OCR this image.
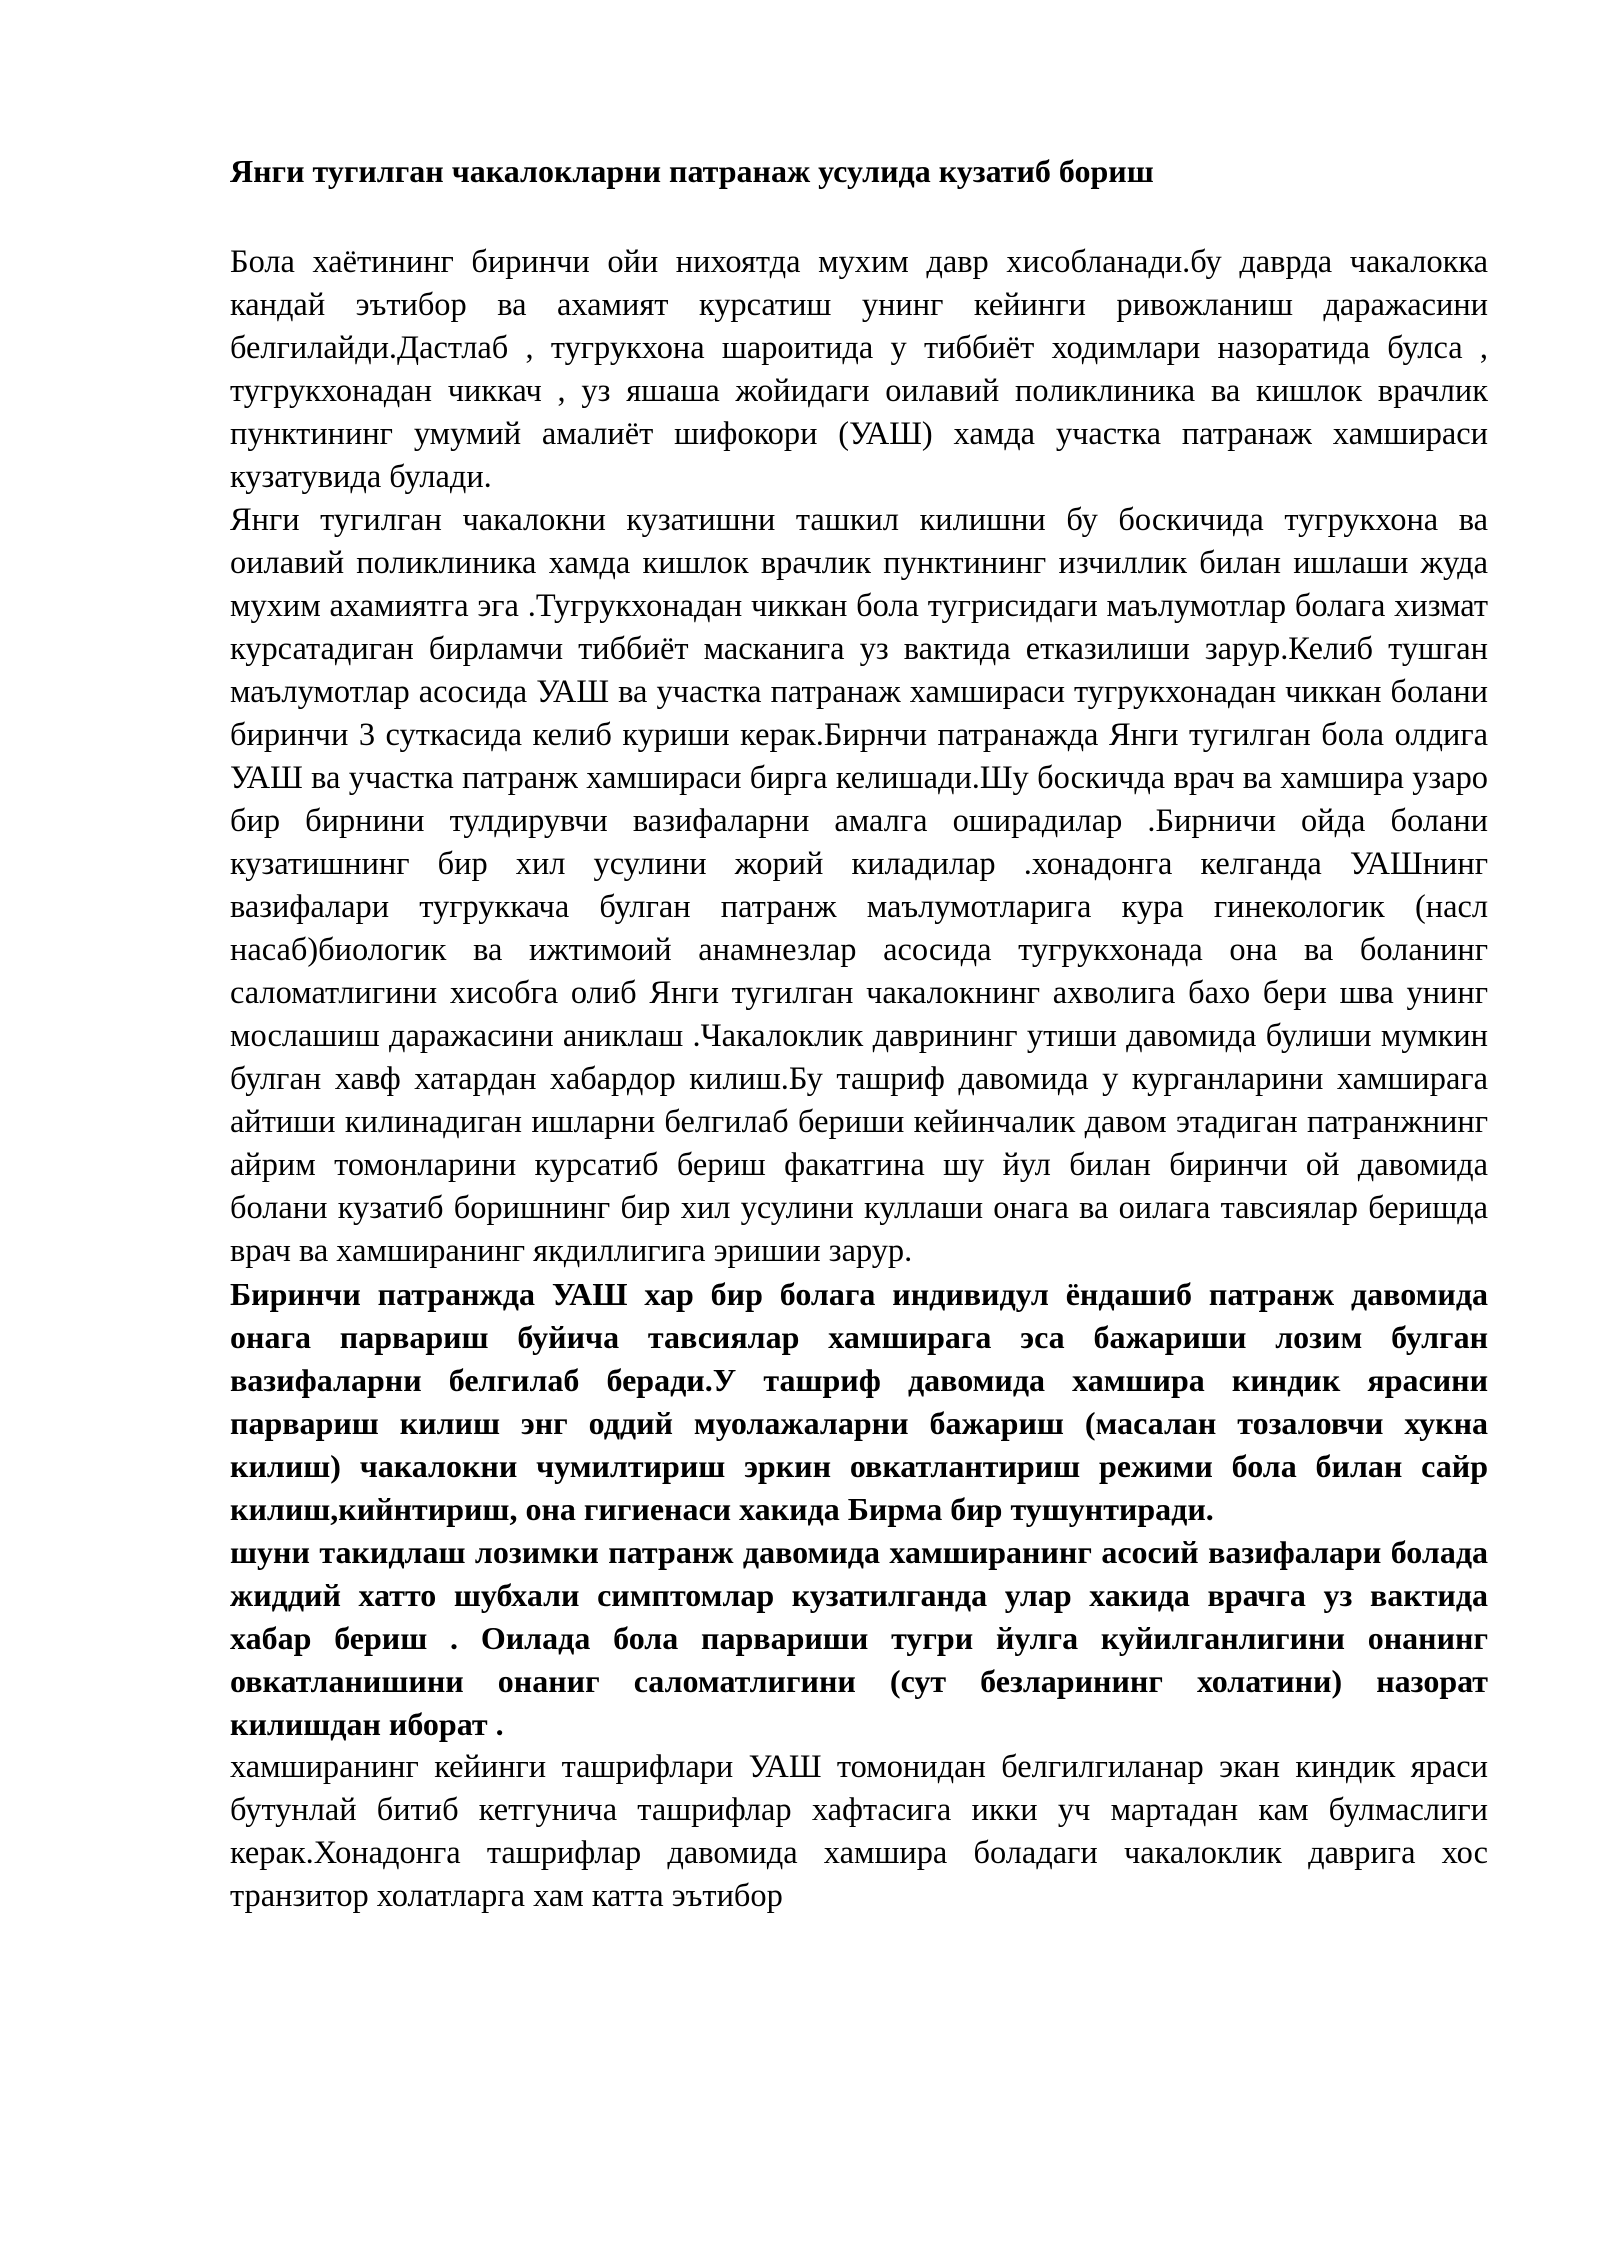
Янги тугилган чакалокларни патранаж усулида кузатиб бориш

Бола хаётининг биринчи ойи нихоятда мухим давр хисобланади.бу даврда чакалокка кандай эътибор ва ахамият курсатиш унинг кейинги ривожланиш даражасини белгилайди.Дастлаб , тугрукхона шароитида у тиббиёт ходимлари назоратида булса , тугрукхонадан чиккач , уз яшаша жойидаги оилавий поликлиника ва кишлок врачлик пунктининг умумий амалиёт шифокори (УАШ) хамда участка патранаж хамшираси кузатувида булади.

Янги тугилган чакалокни кузатишни ташкил килишни бу боскичида тугрукхона ва оилавий поликлиника хамда кишлок врачлик пунктининг изчиллик билан ишлаши жуда мухим ахамиятга эга .Тугрукхонадан чиккан бола тугрисидаги маълумотлар болага хизмат курсатадиган бирламчи тиббиёт масканига уз вактида етказилиши зарур.Келиб тушган маълумотлар асосида УАШ ва участка патранаж хамшираси тугрукхонадан чиккан болани биринчи 3 суткасида келиб куриши керак.Бирнчи патранажда Янги тугилган бола олдига УАШ ва участка патранж хамшираси бирга келишади.Шу боскичда врач ва хамшира узаро бир бирнини тулдирувчи вазифаларни амалга оширадилар .Бирничи ойда болани кузатишнинг бир хил усулини жорий киладилар .хонадонга келганда УАШнинг вазифалари тугруккача булган патранж маълумотларига кура гинекологик (насл насаб)биологик ва ижтимоий анамнезлар асосида тугрукхонада она ва боланинг саломатлигини хисобга олиб Янги тугилган чакалокнинг ахволига бахо бери шва унинг мослашиш даражасини аниклаш .Чакалоклик даврининг утиши давомида булиши мумкин булган хавф хатардан хабардор килиш.Бу ташриф давомида у курганларини хамширага айтиши килинадиган ишларни белгилаб бериши кейинчалик давом этадиган патранжнинг айрим томонларини курсатиб бериш факатгина шу йул билан биринчи ой давомида болани кузатиб боришнинг бир хил усулини куллаши онага ва оилага тавсиялар беришда врач ва хамширанинг якдиллигига эришии зарур.

Биринчи патранжда УАШ хар бир болага индивидул ёндашиб патранж давомида онага парвариш буйича тавсиялар хамширага эса бажариши лозим булган вазифаларни белгилаб беради.У ташриф давомида хамшира киндик ярасини парвариш килиш энг оддий муолажаларни бажариш (масалан тозаловчи хукна килиш) чакалокни чумилтириш эркин овкатлантириш режими бола билан сайр килиш,кийнтириш, она гигиенаси хакида Бирма бир тушунтиради.

шуни такидлаш лозимки патранж давомида хамширанинг асосий вазифалари болада жиддий хатто шубхали симптомлар кузатилганда улар хакида врачга уз вактида хабар бериш . Оилада бола парвариши тугри йулга куйилганлигини онанинг овкатланишини онаниг саломатлигини (сут безларининг холатини) назорат килишдан иборат .

хамширанинг кейинги ташрифлари УАШ томонидан белгилгиланар экан киндик яраси бутунлай битиб кетгунича ташрифлар хафтасига икки уч мартадан кам булмаслиги керак.Хонадонга ташрифлар давомида хамшира боладаги чакалоклик даврига хос транзитор холатларга хам катта эътибор
